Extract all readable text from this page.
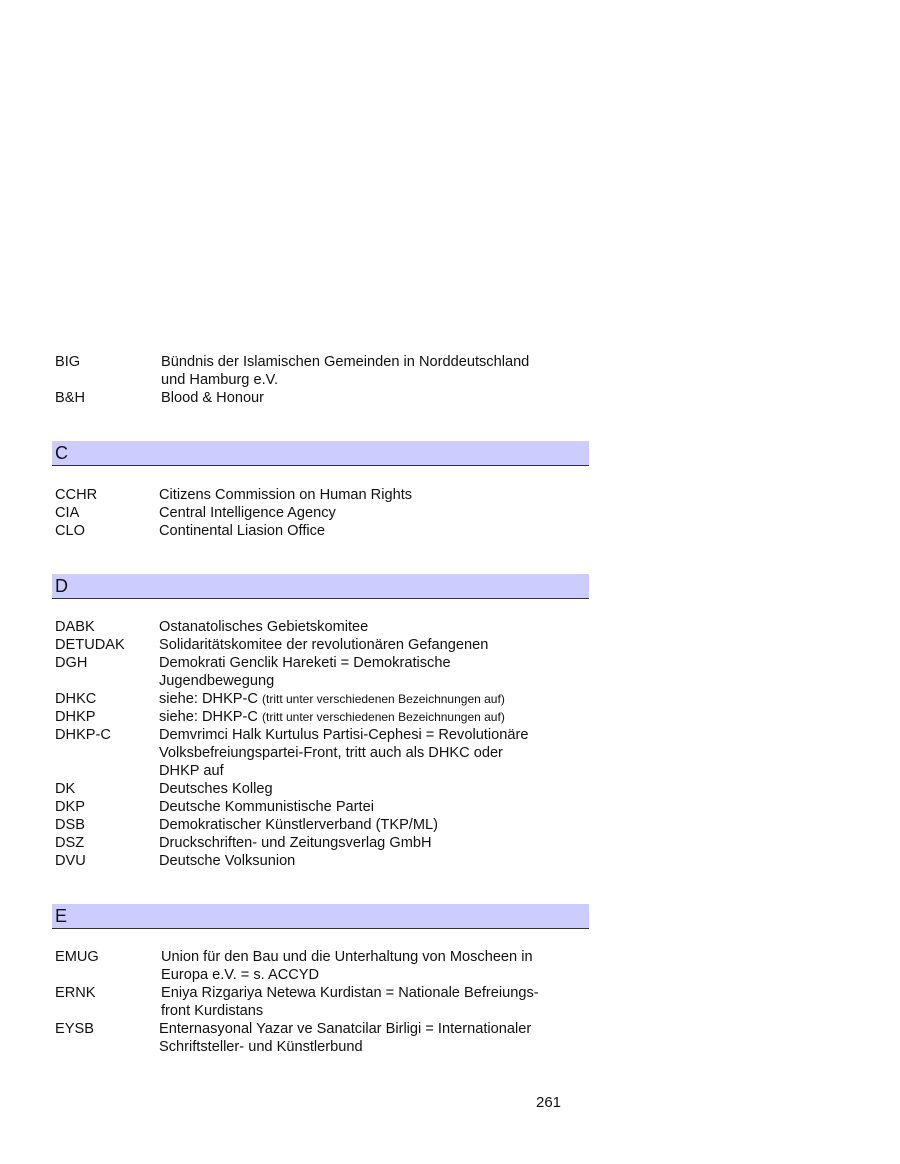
BIG	Bündnis der Islamischen Gemeinden in Norddeutschland
und Hamburg e.V.
B&H	Blood & Honour
C
CCHR	Citizens Commission on Human Rights
CIA	Central Intelligence Agency
CLO	Continental Liasion Office
D
DABK	Ostanatolisches Gebietskomitee
DETUDAK	Solidaritätskomitee der revolutionären Gefangenen
DGH	Demokrati Genclik Hareketi = Demokratische
Jugendbewegung
DHKC	siehe: DHKP-C (tritt unter verschiedenen Bezeichnungen auf)
DHKP	siehe: DHKP-C (tritt unter verschiedenen Bezeichnungen auf)
DHKP-C	Demvrimci Halk Kurtulus Partisi-Cephesi = Revolutionäre
Volksbefreiungspartei-Front, tritt auch als DHKC oder
DHKP auf
DK	Deutsches Kolleg
DKP	Deutsche Kommunistische Partei
DSB	Demokratischer Künstlerverband (TKP/ML)
DSZ	Druckschriften- und Zeitungsverlag GmbH
DVU	Deutsche Volksunion
E
EMUG	Union für den Bau und die Unterhaltung von Moscheen in
Europa e.V. = s. ACCYD
ERNK	Eniya Rizgariya Netewa Kurdistan = Nationale Befreiungs-
front Kurdistans
EYSB	Enternasyonal Yazar ve Sanatcilar Birligi = Internationaler
Schriftsteller- und Künstlerbund
261
